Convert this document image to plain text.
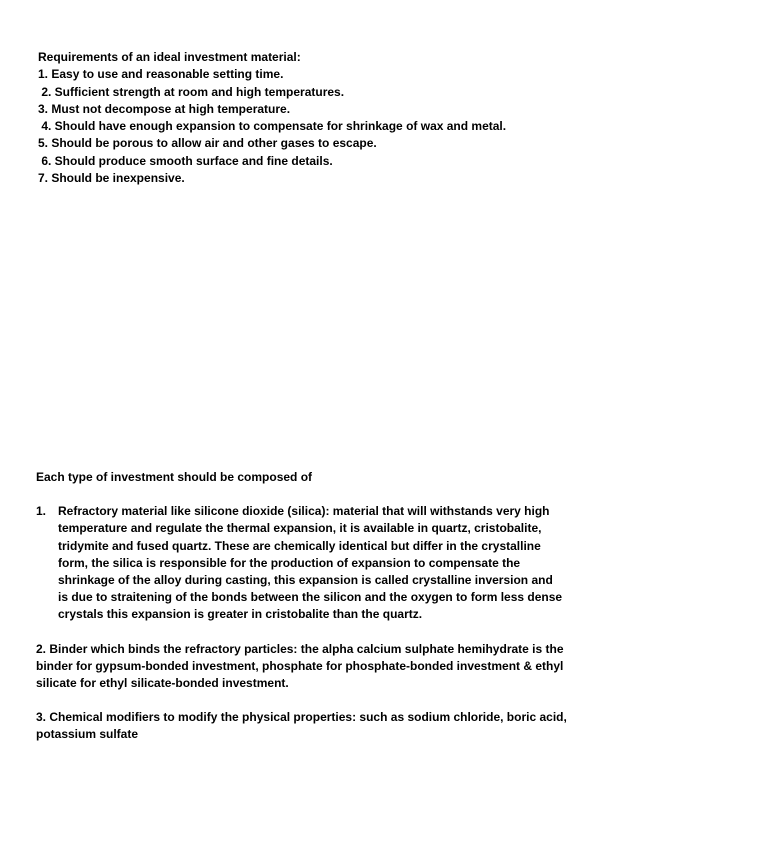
Requirements of an ideal investment material:
1. Easy to use and reasonable setting time.
2. Sufficient strength at room and high temperatures.
3. Must not decompose at high temperature.
4. Should have enough expansion to compensate for shrinkage of wax and metal.
5. Should be porous to allow air and other gases to escape.
6. Should produce smooth surface and fine details.
7. Should be inexpensive.
Each type of investment should be composed of
1. Refractory material like silicone dioxide (silica): material that will withstands very high temperature and regulate the thermal expansion, it is available in quartz, cristobalite, tridymite and fused quartz. These are chemically identical but differ in the crystalline form, the silica is responsible for the production of expansion to compensate the shrinkage of the alloy during casting, this expansion is called crystalline inversion and is due to straitening of the bonds between the silicon and the oxygen to form less dense crystals this expansion is greater in cristobalite than the quartz.
2. Binder which binds the refractory particles: the alpha calcium sulphate hemihydrate is the binder for gypsum-bonded investment, phosphate for phosphate-bonded investment & ethyl silicate for ethyl silicate-bonded investment.
3. Chemical modifiers to modify the physical properties: such as sodium chloride, boric acid, potassium sulfate
